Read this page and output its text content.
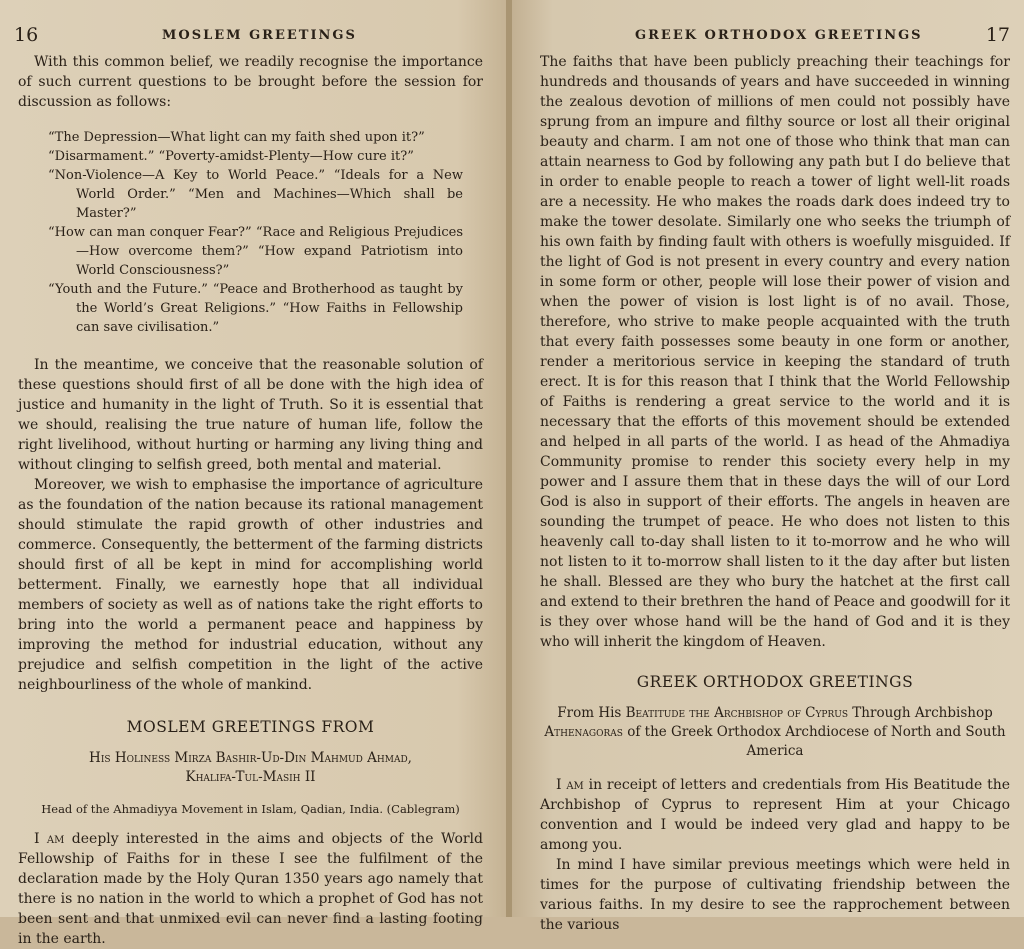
16	MOSLEM GREETINGS

With this common belief, we readily recognise the importance of such current questions to be brought before the session for discussion as follows:

“The Depression—What light can my faith shed upon it?”

“Disarmament.” “Poverty-amidst-Plenty—How cure it?”

“Non-Violence—A Key to World Peace.” “Ideals for a New World Order.” “Men and Machines—Which shall be Master?”

“How can man conquer Fear?” “Race and Religious Prejudices—How overcome them?” “How expand Patriotism into World Consciousness?”

“Youth and the Future.” “Peace and Brotherhood as taught by the World’s Great Religions.” “How Faiths in Fellowship can save civilisation.”

In the meantime, we conceive that the reasonable solution of these questions should first of all be done with the high idea of justice and humanity in the light of Truth. So it is essential that we should, realising the true nature of human life, follow the right livelihood, without hurting or harming any living thing and without clinging to selfish greed, both mental and material.

Moreover, we wish to emphasise the importance of agriculture as the foundation of the nation because its rational management should stimulate the rapid growth of other industries and commerce. Consequently, the betterment of the farming districts should first of all be kept in mind for accomplishing world betterment. Finally, we earnestly hope that all individual members of society as well as of nations take the right efforts to bring into the world a permanent peace and happiness by improving the method for industrial education, without any prejudice and selfish competition in the light of the active neighbourliness of the whole of mankind.

MOSLEM GREETINGS FROM
His Holiness Mirza Bashir-Ud-Din Mahmud Ahmad,
Khalifa-Tul-Masih II
Head of the Ahmadiyya Movement in Islam, Qadian, India. (Cablegram)

I am deeply interested in the aims and objects of the World Fellowship of Faiths for in these I see the fulfilment of the declaration made by the Holy Quran 1350 years ago namely that there is no nation in the world to which a prophet of God has not been sent and that unmixed evil can never find a lasting footing in the earth.

GREEK ORTHODOX GREETINGS	17

The faiths that have been publicly preaching their teachings for hundreds and thousands of years and have succeeded in winning the zealous devotion of millions of men could not possibly have sprung from an impure and filthy source or lost all their original beauty and charm. I am not one of those who think that man can attain nearness to God by following any path but I do believe that in order to enable people to reach a tower of light well-lit roads are a necessity. He who makes the roads dark does indeed try to make the tower desolate. Similarly one who seeks the triumph of his own faith by finding fault with others is woefully misguided. If the light of God is not present in every country and every nation in some form or other, people will lose their power of vision and when the power of vision is lost light is of no avail. Those, therefore, who strive to make people acquainted with the truth that every faith possesses some beauty in one form or another, render a meritorious service in keeping the standard of truth erect. It is for this reason that I think that the World Fellowship of Faiths is rendering a great service to the world and it is necessary that the efforts of this movement should be extended and helped in all parts of the world. I as head of the Ahmadiya Community promise to render this society every help in my power and I assure them that in these days the will of our Lord God is also in support of their efforts. The angels in heaven are sounding the trumpet of peace. He who does not listen to this heavenly call to-day shall listen to it to-morrow and he who will not listen to it to-morrow shall listen to it the day after but listen he shall. Blessed are they who bury the hatchet at the first call and extend to their brethren the hand of Peace and goodwill for it is they over whose hand will be the hand of God and it is they who will inherit the kingdom of Heaven.

GREEK ORTHODOX GREETINGS
From His Beatitude the Archbishop of Cyprus Through Archbishop Athenagoras of the Greek Orthodox Archdiocese of North and South America

I am in receipt of letters and credentials from His Beatitude the Archbishop of Cyprus to represent Him at your Chicago convention and I would be indeed very glad and happy to be among you.

In mind I have similar previous meetings which were held in times for the purpose of cultivating friendship between the various faiths. In my desire to see the rapprochement between the various
